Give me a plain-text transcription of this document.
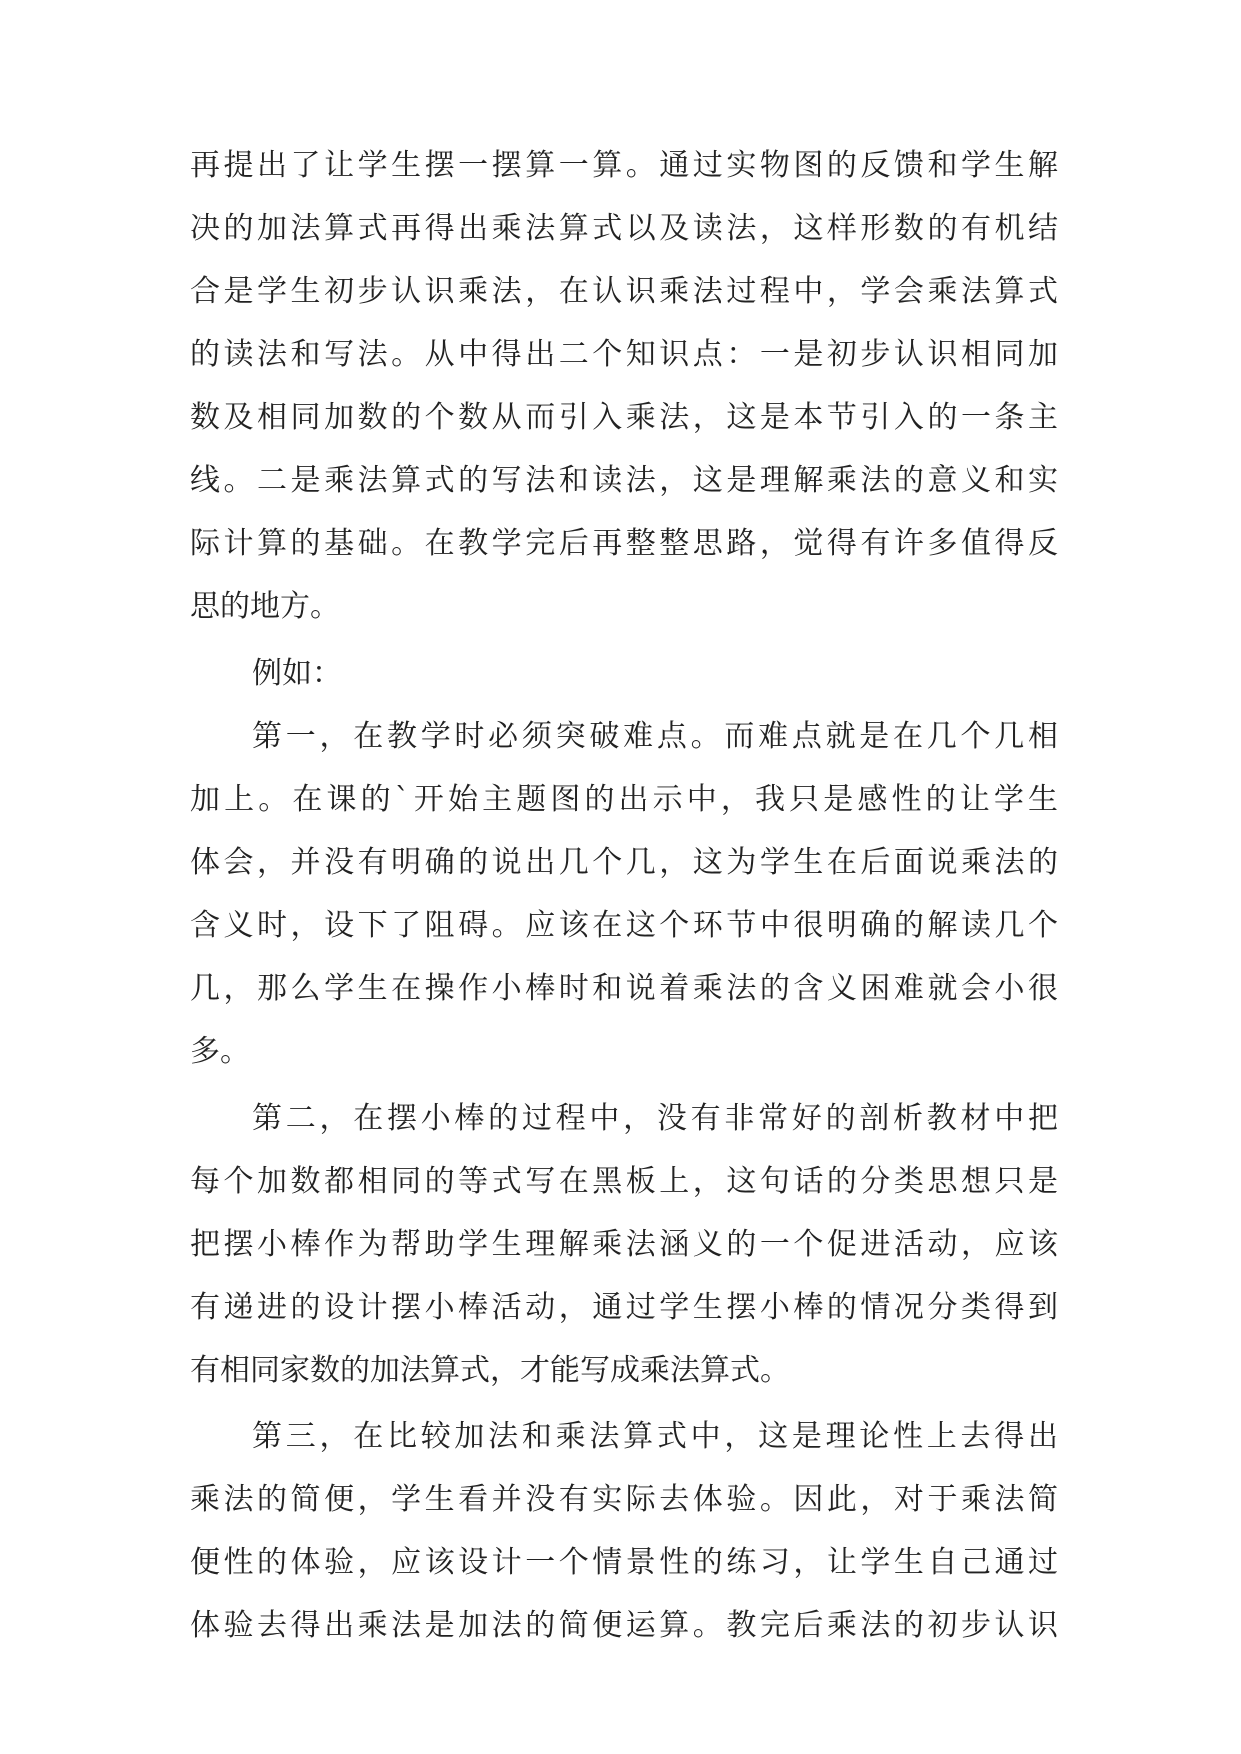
再提出了让学生摆一摆算一算。通过实物图的反馈和学生解
决的加法算式再得出乘法算式以及读法，这样形数的有机结
合是学生初步认识乘法，在认识乘法过程中，学会乘法算式
的读法和写法。从中得出二个知识点：一是初步认识相同加
数及相同加数的个数从而引入乘法，这是本节引入的一条主
线。二是乘法算式的写法和读法，这是理解乘法的意义和实
际计算的基础。在教学完后再整整思路，觉得有许多值得反
思的地方。
例如：
第一，在教学时必须突破难点。而难点就是在几个几相
加上。在课的`开始主题图的出示中，我只是感性的让学生
体会，并没有明确的说出几个几，这为学生在后面说乘法的
含义时，设下了阻碍。应该在这个环节中很明确的解读几个
几，那么学生在操作小棒时和说着乘法的含义困难就会小很
多。
第二，在摆小棒的过程中，没有非常好的剖析教材中把
每个加数都相同的等式写在黑板上，这句话的分类思想只是
把摆小棒作为帮助学生理解乘法涵义的一个促进活动，应该
有递进的设计摆小棒活动，通过学生摆小棒的情况分类得到
有相同家数的加法算式，才能写成乘法算式。
第三，在比较加法和乘法算式中，这是理论性上去得出
乘法的简便，学生看并没有实际去体验。因此，对于乘法简
便性的体验，应该设计一个情景性的练习，让学生自己通过
体验去得出乘法是加法的简便运算。教完后乘法的初步认识
